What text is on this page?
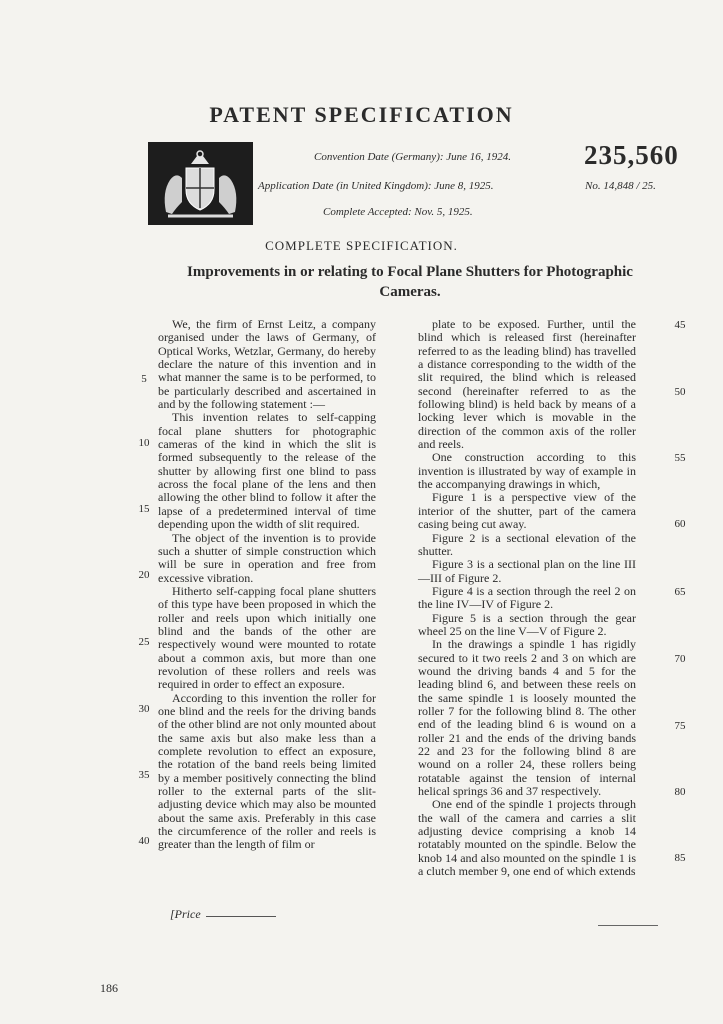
PATENT SPECIFICATION
Convention Date (Germany): June 16, 1924.	235,560
Application Date (in United Kingdom): June 8, 1925.	No. 14,848 / 25.
Complete Accepted: Nov. 5, 1925.
COMPLETE SPECIFICATION.
Improvements in or relating to Focal Plane Shutters for Photographic Cameras.

We, the firm of Ernst Leitz, a company organised under the laws of Germany, of Optical Works, Wetzlar, Germany, do hereby declare the nature of this invention and in what manner the same is to be performed, to be particularly described and ascertained in and by the following statement :—

This invention relates to self-capping focal plane shutters for photographic cameras of the kind in which the slit is formed subsequently to the release of the shutter by allowing first one blind to pass across the focal plane of the lens and then allowing the other blind to follow it after the lapse of a predetermined interval of time depending upon the width of slit required.

The object of the invention is to provide such a shutter of simple construction which will be sure in operation and free from excessive vibration.

Hitherto self-capping focal plane shutters of this type have been proposed in which the roller and reels upon which initially one blind and the bands of the other are respectively wound were mounted to rotate about a common axis, but more than one revolution of these rollers and reels was required in order to effect an exposure.

According to this invention the roller for one blind and the reels for the driving bands of the other blind are not only mounted about the same axis but also make less than a complete revolution to effect an exposure, the rotation of the band reels being limited by a member positively connecting the blind roller to the external parts of the slit-adjusting device which may also be mounted about the same axis. Preferably in this case the circumference of the roller and reels is greater than the length of film or

plate to be exposed. Further, until the blind which is released first (hereinafter referred to as the leading blind) has travelled a distance corresponding to the width of the slit required, the blind which is released second (hereinafter referred to as the following blind) is held back by means of a locking lever which is movable in the direction of the common axis of the roller and reels.

One construction according to this invention is illustrated by way of example in the accompanying drawings in which,

Figure 1 is a perspective view of the interior of the shutter, part of the camera casing being cut away.

Figure 2 is a sectional elevation of the shutter.

Figure 3 is a sectional plan on the line III—III of Figure 2.

Figure 4 is a section through the reel 2 on the line IV—IV of Figure 2.

Figure 5 is a section through the gear wheel 25 on the line V—V of Figure 2.

In the drawings a spindle 1 has rigidly secured to it two reels 2 and 3 on which are wound the driving bands 4 and 5 for the leading blind 6, and between these reels on the same spindle 1 is loosely mounted the roller 7 for the following blind 8. The other end of the leading blind 6 is wound on a roller 21 and the ends of the driving bands 22 and 23 for the following blind 8 are wound on a roller 24, these rollers being rotatable against the tension of internal helical springs 36 and 37 respectively.

One end of the spindle 1 projects through the wall of the camera and carries a slit adjusting device comprising a knob 14 rotatably mounted on the spindle. Below the knob 14 and also mounted on the spindle 1 is a clutch member 9, one end of which extends

5
10
15
20
25
30
35
40
45
50
55
60
65
70
75
80
85
[Price
186
